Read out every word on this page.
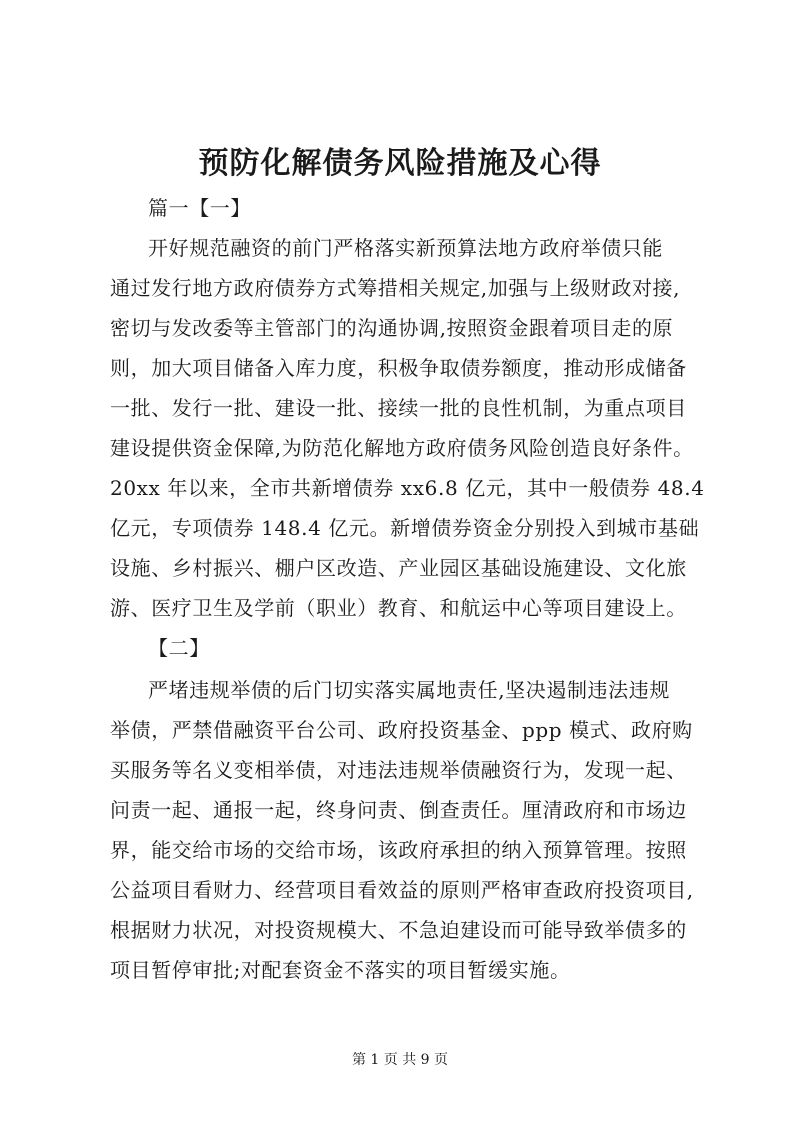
预防化解债务风险措施及心得
篇一【一】
开好规范融资的前门严格落实新预算法地方政府举债只能
通过发行地方政府债券方式筹措相关规定,加强与上级财政对接,
密切与发改委等主管部门的沟通协调,按照资金跟着项目走的原
则，加大项目储备入库力度，积极争取债券额度，推动形成储备
一批、发行一批、建设一批、接续一批的良性机制，为重点项目
建设提供资金保障,为防范化解地方政府债务风险创造良好条件。
20xx 年以来，全市共新增债券 xx6.8 亿元，其中一般债券 48.4
亿元，专项债券 148.4 亿元。新增债券资金分别投入到城市基础
设施、乡村振兴、棚户区改造、产业园区基础设施建设、文化旅
游、医疗卫生及学前（职业）教育、和航运中心等项目建设上。
【二】
严堵违规举债的后门切实落实属地责任,坚决遏制违法违规
举债，严禁借融资平台公司、政府投资基金、ppp 模式、政府购
买服务等名义变相举债，对违法违规举债融资行为，发现一起、
问责一起、通报一起，终身问责、倒查责任。厘清政府和市场边
界，能交给市场的交给市场，该政府承担的纳入预算管理。按照
公益项目看财力、经营项目看效益的原则严格审查政府投资项目,
根据财力状况，对投资规模大、不急迫建设而可能导致举债多的
项目暂停审批;对配套资金不落实的项目暂缓实施。
第 1 页 共 9 页
